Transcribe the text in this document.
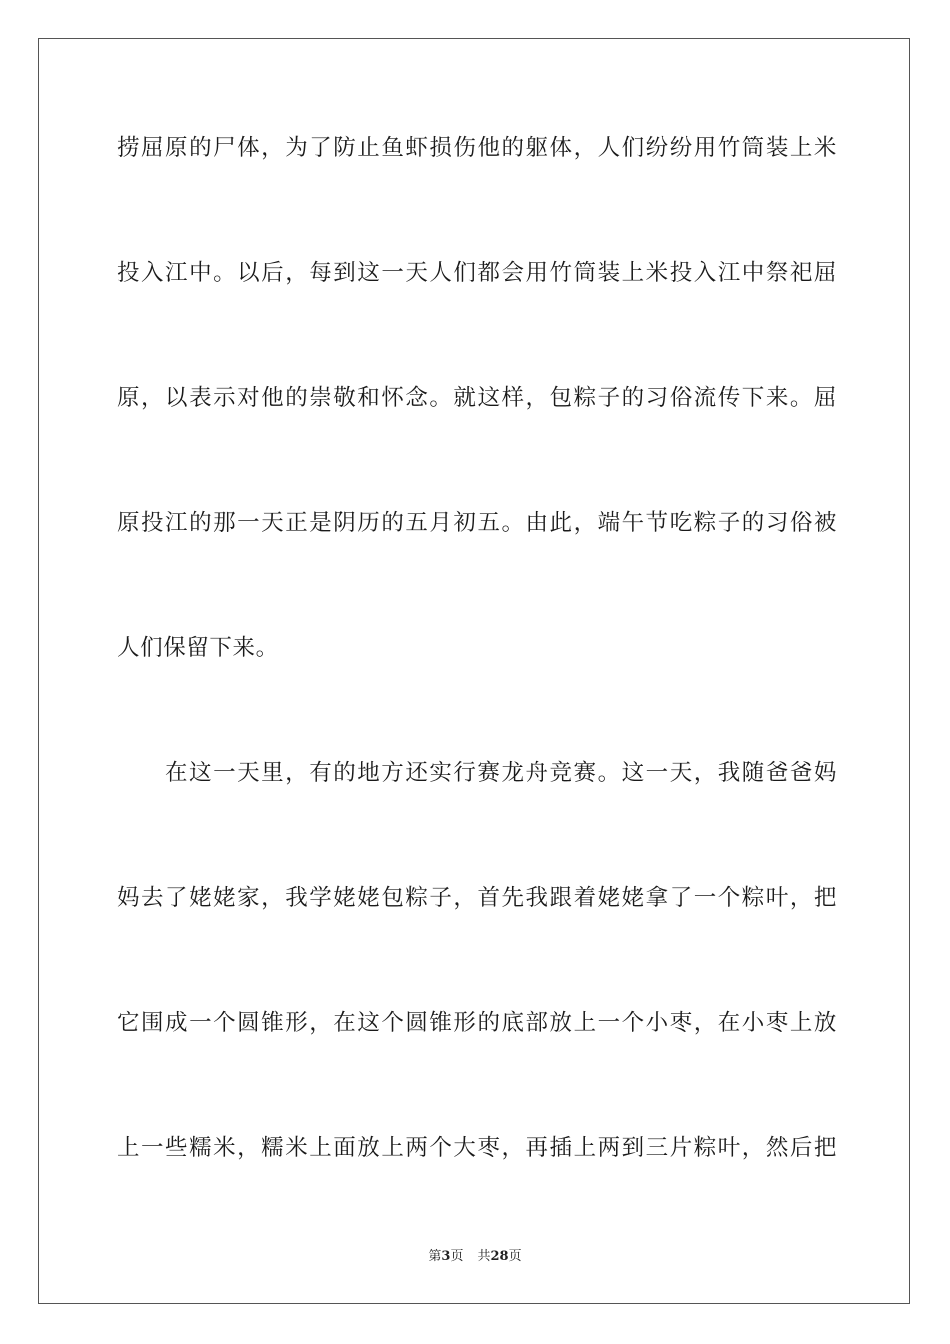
捞屈原的尸体，为了防止鱼虾损伤他的躯体，人们纷纷用竹筒装上米
投入江中。以后，每到这一天人们都会用竹筒装上米投入江中祭祀屈
原，以表示对他的崇敬和怀念。就这样，包粽子的习俗流传下来。屈
原投江的那一天正是阴历的五月初五。由此，端午节吃粽子的习俗被
人们保留下来。
在这一天里，有的地方还实行赛龙舟竞赛。这一天，我随爸爸妈
妈去了姥姥家，我学姥姥包粽子，首先我跟着姥姥拿了一个粽叶，把
它围成一个圆锥形，在这个圆锥形的底部放上一个小枣，在小枣上放
上一些糯米，糯米上面放上两个大枣，再插上两到三片粽叶，然后把
第3页 共28页
